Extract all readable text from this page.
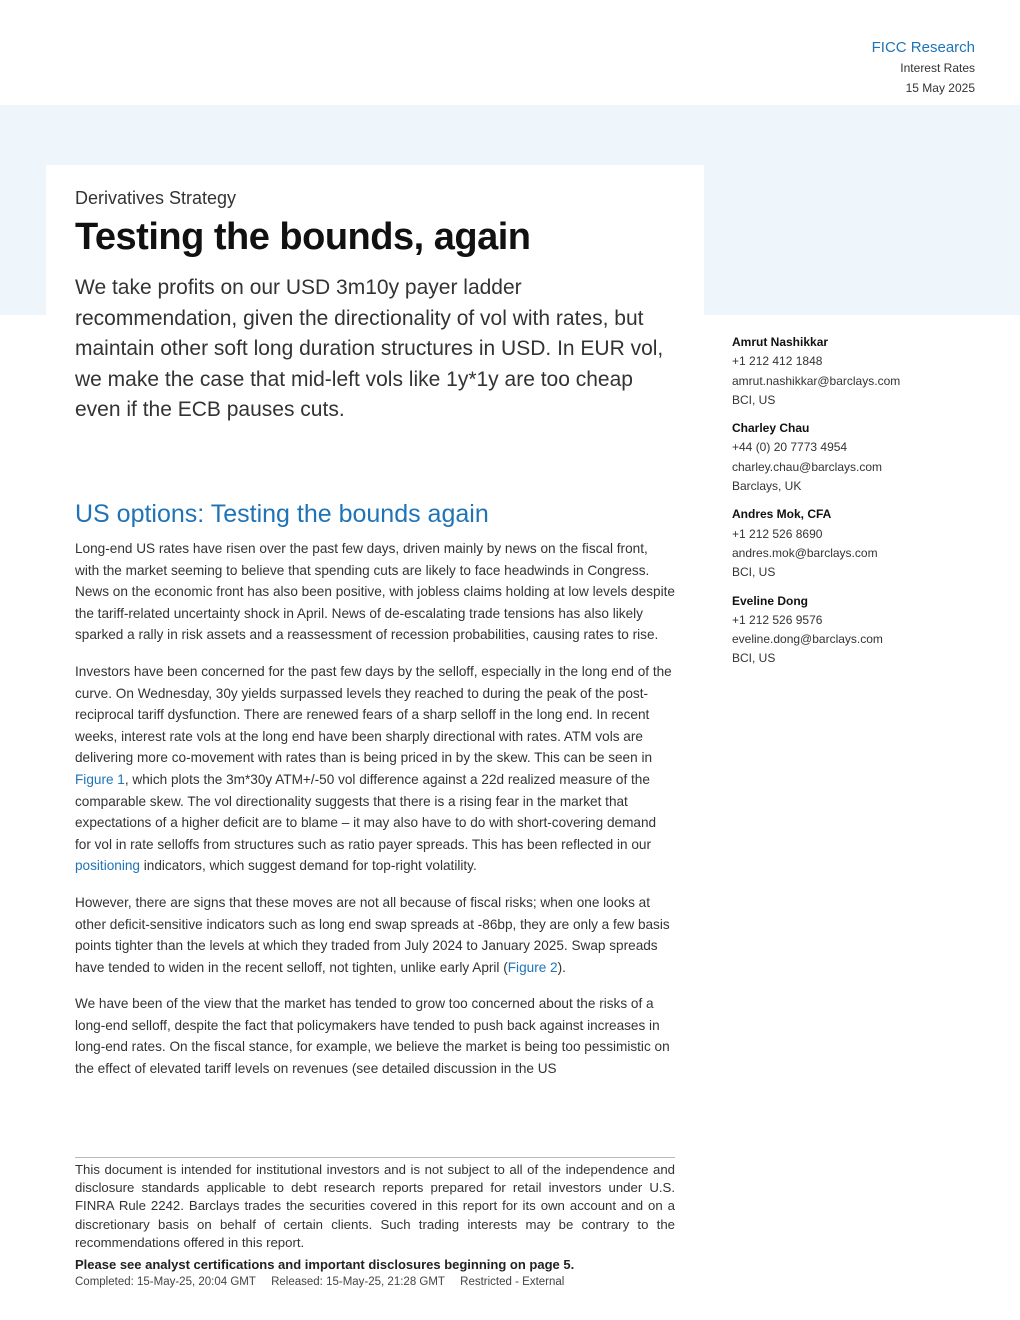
FICC Research
Interest Rates
15 May 2025
Derivatives Strategy
Testing the bounds, again

We take profits on our USD 3m10y payer ladder recommendation, given the directionality of vol with rates, but maintain other soft long duration structures in USD. In EUR vol, we make the case that mid-left vols like 1y*1y are too cheap even if the ECB pauses cuts.

Amrut Nashikkar
+1 212 412 1848
amrut.nashikkar@barclays.com
BCI, US
Charley Chau
+44 (0) 20 7773 4954
charley.chau@barclays.com
Barclays, UK
Andres Mok, CFA
+1 212 526 8690
andres.mok@barclays.com
BCI, US
Eveline Dong
+1 212 526 9576
eveline.dong@barclays.com
BCI, US
US options: Testing the bounds again

Long-end US rates have risen over the past few days, driven mainly by news on the fiscal front, with the market seeming to believe that spending cuts are likely to face headwinds in Congress. News on the economic front has also been positive, with jobless claims holding at low levels despite the tariff-related uncertainty shock in April. News of de-escalating trade tensions has also likely sparked a rally in risk assets and a reassessment of recession probabilities, causing rates to rise.

Investors have been concerned for the past few days by the selloff, especially in the long end of the curve. On Wednesday, 30y yields surpassed levels they reached to during the peak of the post-reciprocal tariff dysfunction. There are renewed fears of a sharp selloff in the long end. In recent weeks, interest rate vols at the long end have been sharply directional with rates. ATM vols are delivering more co-movement with rates than is being priced in by the skew. This can be seen in Figure 1, which plots the 3m*30y ATM+/-50 vol difference against a 22d realized measure of the comparable skew. The vol directionality suggests that there is a rising fear in the market that expectations of a higher deficit are to blame – it may also have to do with short-covering demand for vol in rate selloffs from structures such as ratio payer spreads. This has been reflected in our positioning indicators, which suggest demand for top-right volatility.

However, there are signs that these moves are not all because of fiscal risks; when one looks at other deficit-sensitive indicators such as long end swap spreads at -86bp, they are only a few basis points tighter than the levels at which they traded from July 2024 to January 2025. Swap spreads have tended to widen in the recent selloff, not tighten, unlike early April (Figure 2).

We have been of the view that the market has tended to grow too concerned about the risks of a long-end selloff, despite the fact that policymakers have tended to push back against increases in long-end rates. On the fiscal stance, for example, we believe the market is being too pessimistic on the effect of elevated tariff levels on revenues (see detailed discussion in the US

This document is intended for institutional investors and is not subject to all of the independence and disclosure standards applicable to debt research reports prepared for retail investors under U.S. FINRA Rule 2242. Barclays trades the securities covered in this report for its own account and on a discretionary basis on behalf of certain clients. Such trading interests may be contrary to the recommendations offered in this report.

Please see analyst certifications and important disclosures beginning on page 5.
Completed: 15-May-25, 20:04 GMT Released: 15-May-25, 21:28 GMT Restricted - External
